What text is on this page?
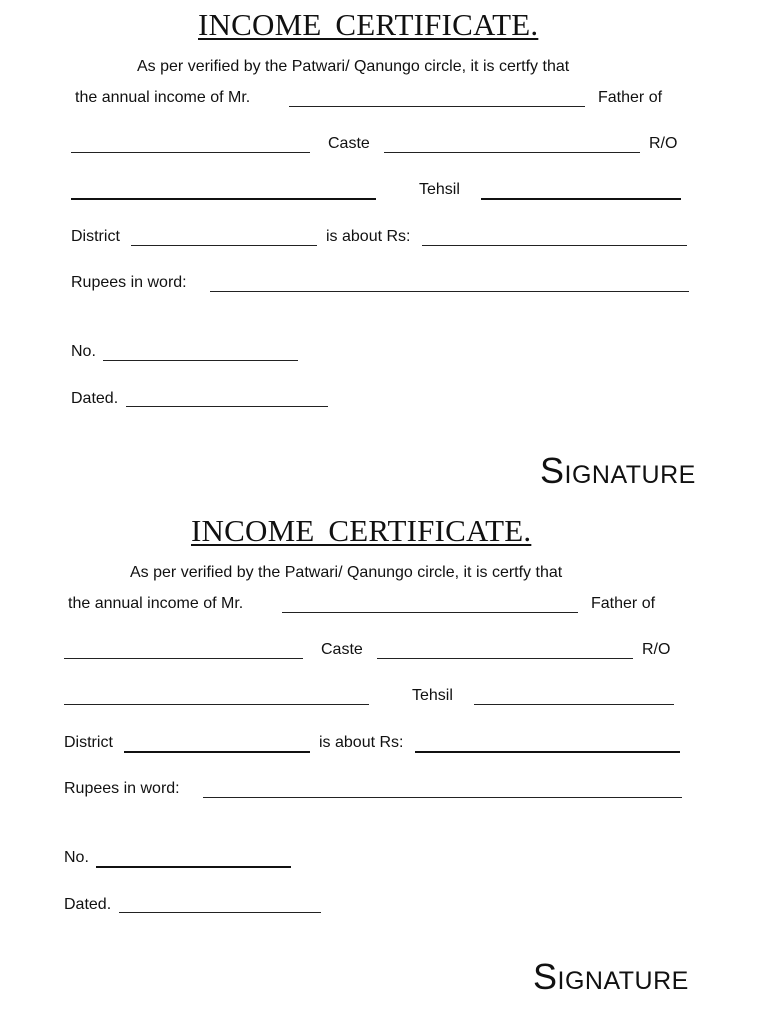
INCOME CERTIFICATE.
As per verified by the Patwari/ Qanungo circle, it is certfy that
the annual income of Mr.	Father of
Caste	R/O
Tehsil
District	is about Rs:
Rupees in word:
No.
Dated.
Signature
INCOME CERTIFICATE.
As per verified by the Patwari/ Qanungo circle, it is certfy that
the annual income of Mr.	Father of
Caste	R/O
Tehsil
District	is about Rs:
Rupees in word:
No.
Dated.
Signature
